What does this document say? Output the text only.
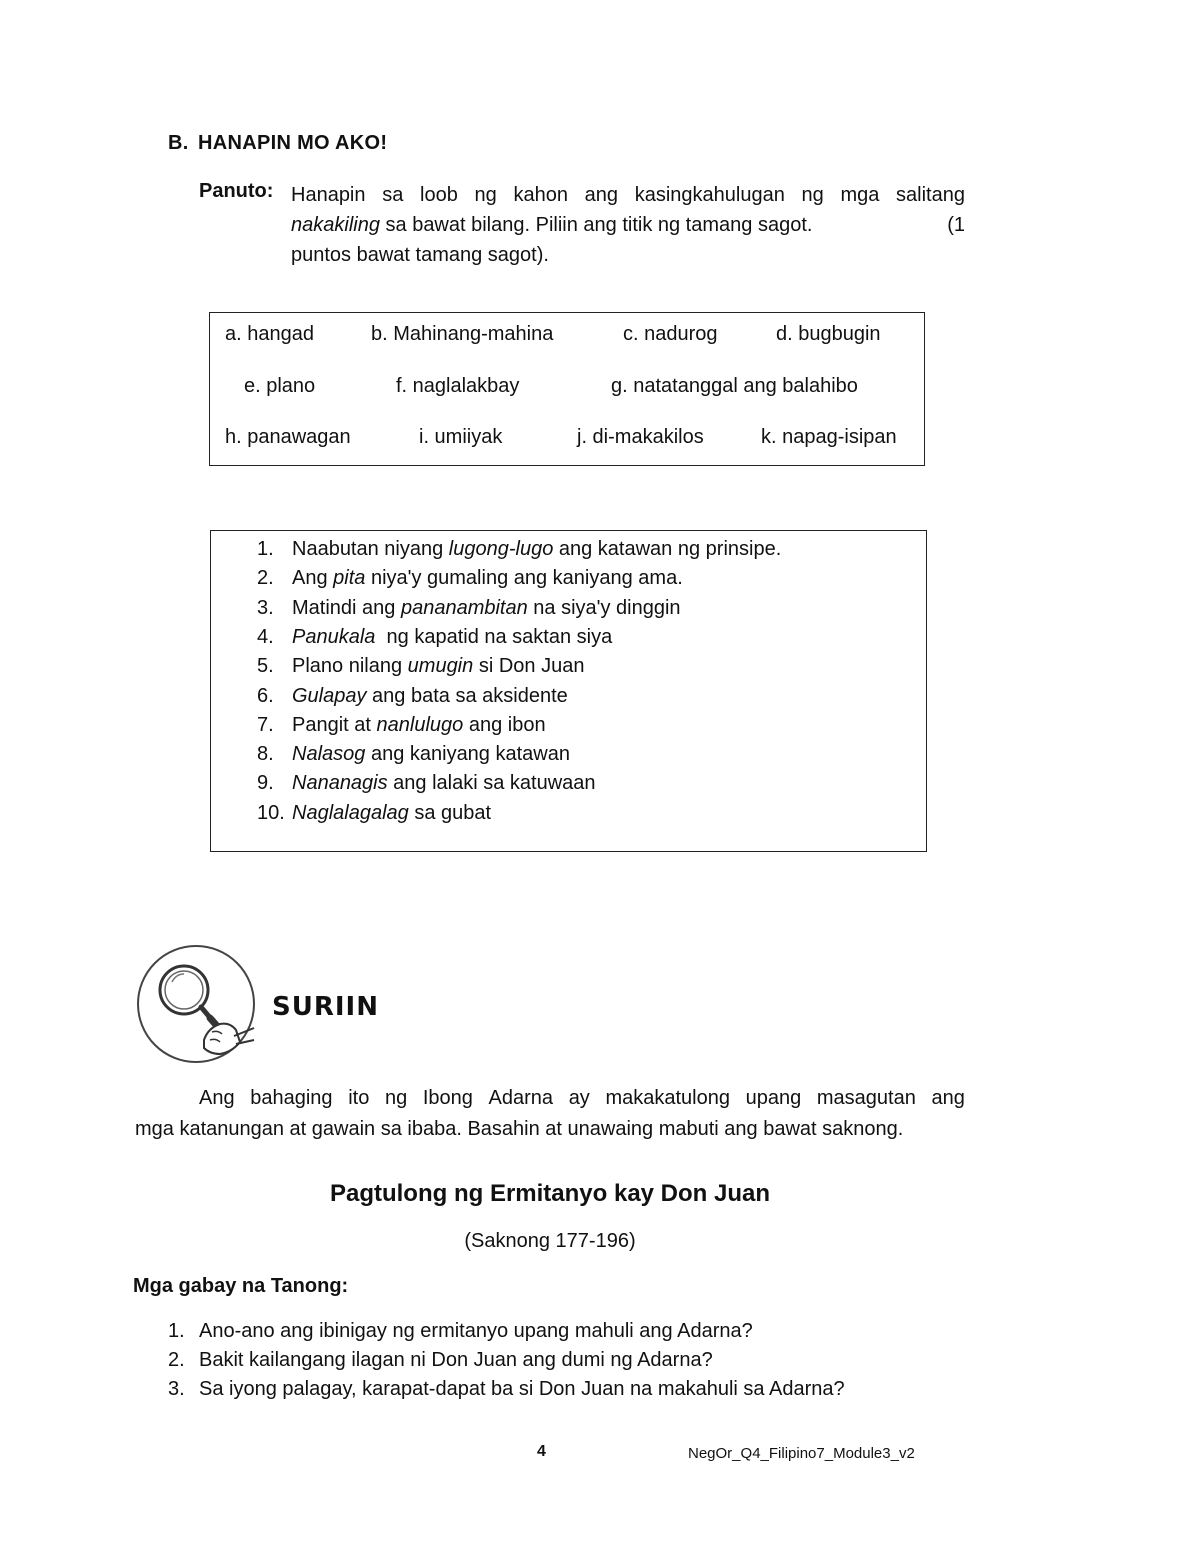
B. HANAPIN MO AKO!
Panuto: Hanapin sa loob ng kahon ang kasingkahulugan ng mga salitang
nakakiling sa bawat bilang. Piliin ang titik ng tamang sagot.	(1
puntos bawat tamang sagot).
a. hangad	b. Mahinang-mahina	c. nadurog	d. bugbugin
e. plano	f. naglalakbay	g. natatanggal ang balahibo
h. panawagan	i. umiiyak	j. di-makakilos	k. napag-isipan
1. Naabutan niyang lugong-lugo ang katawan ng prinsipe.
2. Ang pita niya'y gumaling ang kaniyang ama.
3. Matindi ang pananambitan na siya'y dinggin
4. Panukala  ng kapatid na saktan siya
5. Plano nilang umugin si Don Juan
6. Gulapay ang bata sa aksidente
7. Pangit at nanlulugo ang ibon
8. Nalasog ang kaniyang katawan
9. Nananagis ang lalaki sa katuwaan
10. Naglalagalag sa gubat
SURIIN
Ang bahaging ito ng Ibong Adarna ay makakatulong upang masagutan ang
mga katanungan at gawain sa ibaba. Basahin at unawaing mabuti ang bawat saknong.
Pagtulong ng Ermitanyo kay Don Juan
(Saknong 177-196)
Mga gabay na Tanong:
1. Ano-ano ang ibinigay ng ermitanyo upang mahuli ang Adarna?
2. Bakit kailangang ilagan ni Don Juan ang dumi ng Adarna?
3. Sa iyong palagay, karapat-dapat ba si Don Juan na makahuli sa Adarna?
4	NegOr_Q4_Filipino7_Module3_v2
